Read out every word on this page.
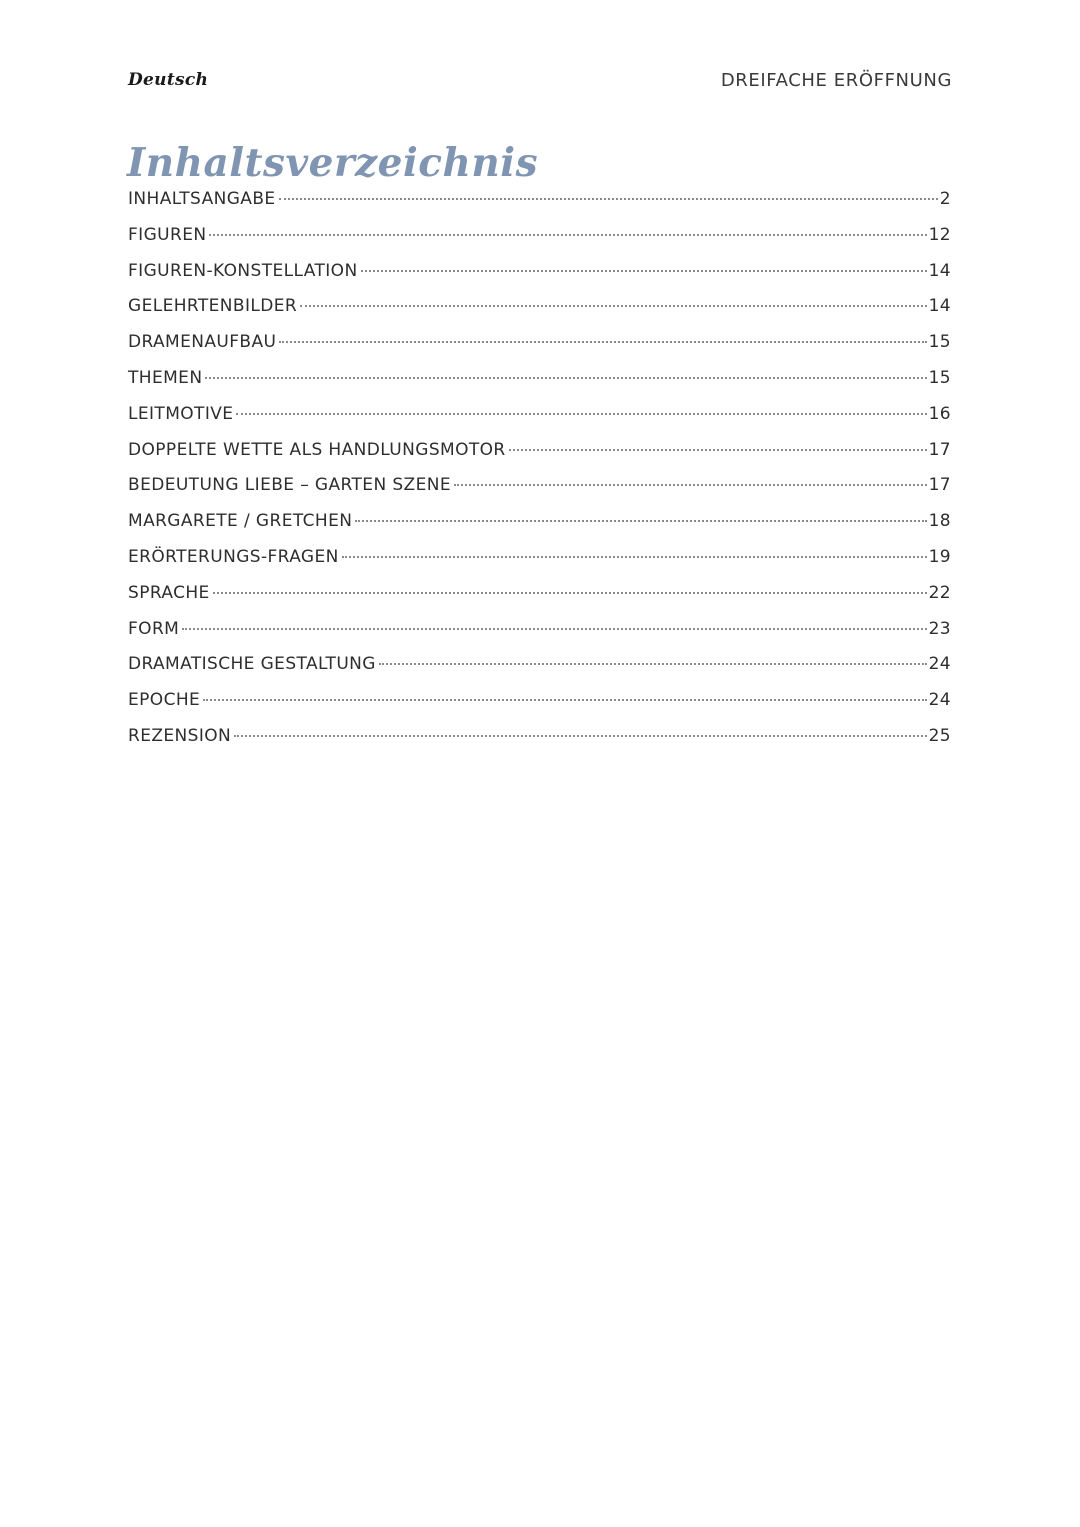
Deutsch	DREIFACHE ERÖFFNUNG
Inhaltsverzeichnis
INHALTSANGABE	2
FIGUREN	12
FIGUREN-KONSTELLATION	14
GELEHRTENBILDER	14
DRAMENAUFBAU	15
THEMEN	15
LEITMOTIVE	16
DOPPELTE WETTE ALS HANDLUNGSMOTOR	17
BEDEUTUNG LIEBE – GARTEN SZENE	17
MARGARETE / GRETCHEN	18
ERÖRTERUNGS-FRAGEN	19
SPRACHE	22
FORM	23
DRAMATISCHE GESTALTUNG	24
EPOCHE	24
REZENSION	25
